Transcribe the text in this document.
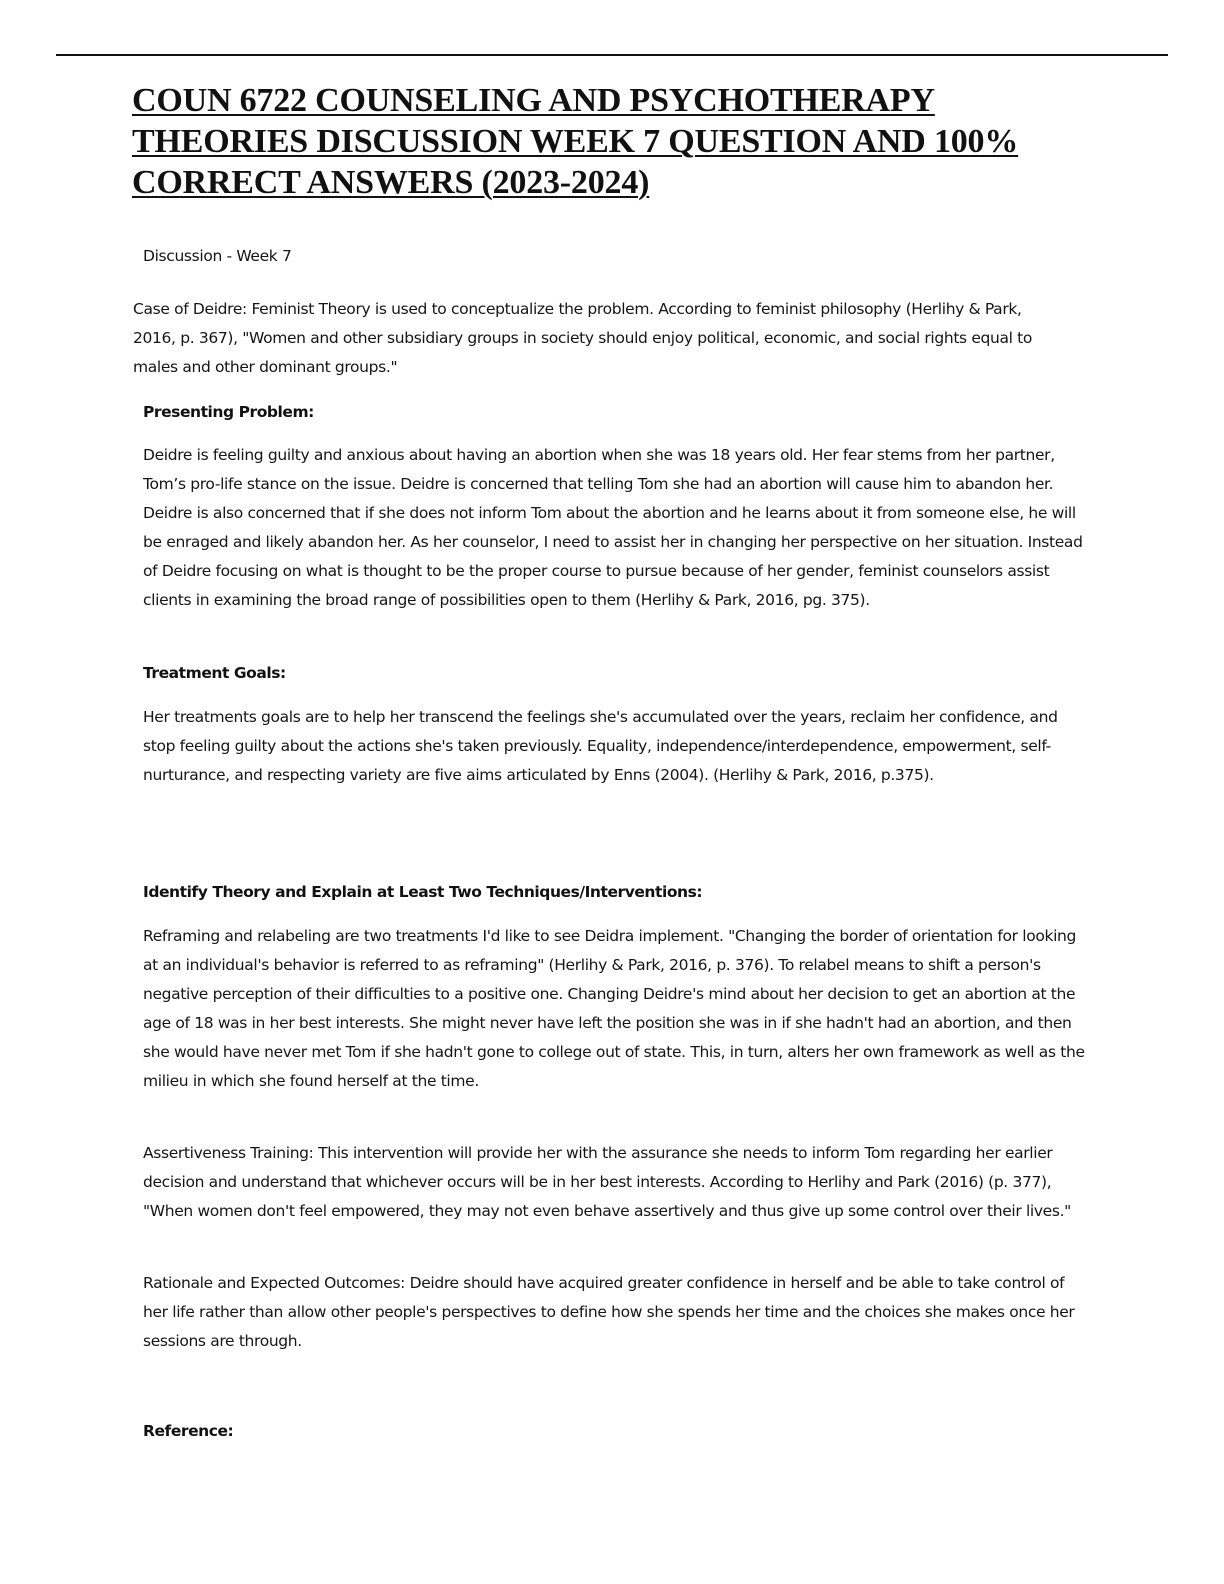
COUN 6722 COUNSELING AND PSYCHOTHERAPY
THEORIES DISCUSSION WEEK 7 QUESTION AND 100%
CORRECT ANSWERS (2023-2024)

Discussion - Week 7

Case of Deidre: Feminist Theory is used to conceptualize the problem. According to feminist philosophy (Herlihy & Park, 2016, p. 367), "Women and other subsidiary groups in society should enjoy political, economic, and social rights equal to males and other dominant groups."

Presenting Problem:

Deidre is feeling guilty and anxious about having an abortion when she was 18 years old. Her fear stems from her partner, Tom’s pro-life stance on the issue. Deidre is concerned that telling Tom she had an abortion will cause him to abandon her. Deidre is also concerned that if she does not inform Tom about the abortion and he learns about it from someone else, he will be enraged and likely abandon her. As her counselor, I need to assist her in changing her perspective on her situation. Instead of Deidre focusing on what is thought to be the proper course to pursue because of her gender, feminist counselors assist clients in examining the broad range of possibilities open to them (Herlihy & Park, 2016, pg. 375).

Treatment Goals:

Her treatments goals are to help her transcend the feelings she's accumulated over the years, reclaim her confidence, and stop feeling guilty about the actions she's taken previously. Equality, independence/interdependence, empowerment, self-nurturance, and respecting variety are five aims articulated by Enns (2004). (Herlihy & Park, 2016, p.375).

Identify Theory and Explain at Least Two Techniques/Interventions:

Reframing and relabeling are two treatments I'd like to see Deidra implement. "Changing the border of orientation for looking at an individual's behavior is referred to as reframing" (Herlihy & Park, 2016, p. 376). To relabel means to shift a person's negative perception of their difficulties to a positive one. Changing Deidre's mind about her decision to get an abortion at the age of 18 was in her best interests. She might never have left the position she was in if she hadn't had an abortion, and then she would have never met Tom if she hadn't gone to college out of state. This, in turn, alters her own framework as well as the milieu in which she found herself at the time.

Assertiveness Training: This intervention will provide her with the assurance she needs to inform Tom regarding her earlier decision and understand that whichever occurs will be in her best interests. According to Herlihy and Park (2016) (p. 377), "When women don't feel empowered, they may not even behave assertively and thus give up some control over their lives."

Rationale and Expected Outcomes: Deidre should have acquired greater confidence in herself and be able to take control of her life rather than allow other people's perspectives to define how she spends her time and the choices she makes once her sessions are through.

Reference:
